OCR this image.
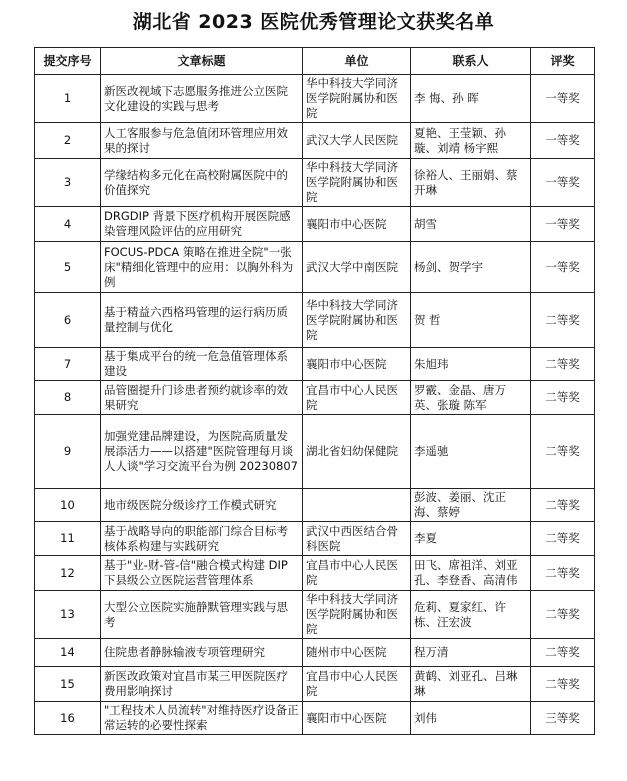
湖北省 2023 医院优秀管理论文获奖名单
提交序号	文章标题	单位	联系人	评奖
1	新医改视域下志愿服务推进公立医院文化建设的实践与思考	华中科技大学同济医学院附属协和医院	李 悔、孙 晖	一等奖
2	人工客服参与危急值闭环管理应用效果的探讨	武汉大学人民医院	夏艳、王莹颖、孙璇、刘靖 杨宇熙	一等奖
3	学缘结构多元化在高校附属医院中的价值探究	华中科技大学同济医学院附属协和医院	徐裕人、王丽娟、蔡开琳	一等奖
4	DRGDIP 背景下医疗机构开展医院感染管理风险评估的应用研究	襄阳市中心医院	胡雪	一等奖
5	FOCUS-PDCA 策略在推进全院"一张床"精细化管理中的应用：以胸外科为例	武汉大学中南医院	杨剑、贺学宇	一等奖
6	基于精益六西格玛管理的运行病历质量控制与优化	华中科技大学同济医学院附属协和医院	贺 哲	二等奖
7	基于集成平台的统一危急值管理体系建设	襄阳市中心医院	朱旭玮	二等奖
8	品管圈提升门诊患者预约就诊率的效果研究	宜昌市中心人民医院	罗霰、金晶、唐万英、张璇 陈军	二等奖
9	加强党建品牌建设，为医院高质量发展添活力——以搭建"医院管理每月谈人人谈"学习交流平台为例 20230807	湖北省妇幼保健院	李遥驰	二等奖
10	地市级医院分级诊疗工作模式研究		彭波、姜丽、沈正海、蔡婷	二等奖
11	基于战略导向的职能部门综合目标考核体系构建与实践研究	武汉中西医结合骨科医院	李夏	二等奖
12	基于"业-财-管-信"融合模式构建 DIP 下县级公立医院运营管理体系	宜昌市中心人民医院	田飞、席祖洋、刘亚孔、李登香、高清伟	二等奖
13	大型公立医院实施静默管理实践与思考	华中科技大学同济医学院附属协和医院	危莉、夏家红、许栋、汪宏波	二等奖
14	住院患者静脉输液专项管理研究	随州市中心医院	程万清	二等奖
15	新医改政策对宜昌市某三甲医院医疗费用影响探讨	宜昌市中心人民医院	黄鹤、刘亚孔、吕琳琳	二等奖
16	"工程技术人员流转"对维持医疗设备正常运转的必要性探索	襄阳市中心医院	刘伟	三等奖
